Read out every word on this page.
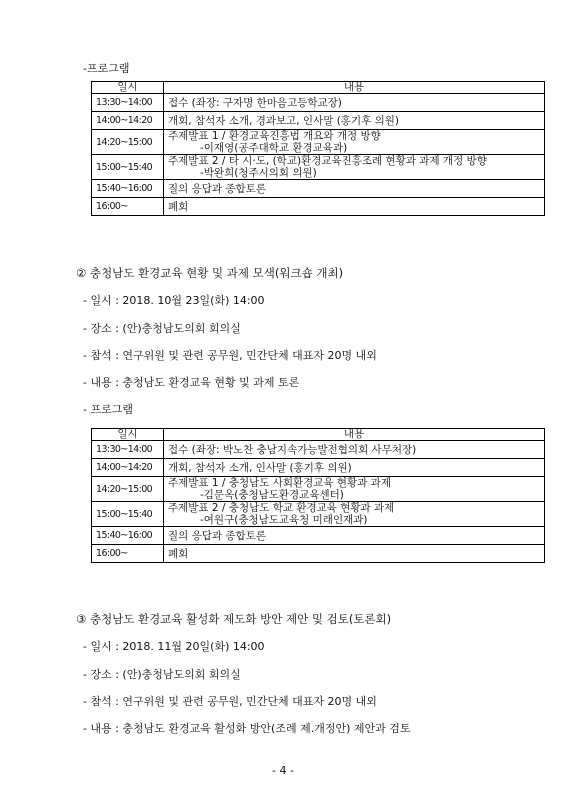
-프로그램
일시	내용
13:30~14:00	접수 (좌장: 구자명 한마음고등학교장)

14:00~14:20	개회, 참석자 소개, 경과보고, 인사말 (홍기후 의원)

14:20~15:00	주제발표 1 / 환경교육진흥법 개요와 개정 방향
-이재영(공주대학교 환경교육과)

15:00~15:40	주제발표 2 / 타 시·도, (학교)환경교육진흥조례 현황과 과제 개정 방향
-박완희(청주시의회 의원)

15:40~16:00	질의 응답과 종합토론

16:00~	폐회
② 충청남도 환경교육 현황 및 과제 모색(워크숍 개최)
- 일시 : 2018. 10월 23일(화) 14:00
- 장소 : (안)충청남도의회 회의실
- 참석 : 연구위원 및 관련 공무원, 민간단체 대표자 20명 내외
- 내용 : 충청남도 환경교육 현황 및 과제 토론
- 프로그램
일시	내용
13:30~14:00	접수 (좌장: 박노찬 충남지속가능발전협의회 사무처장)

14:00~14:20	개회, 참석자 소개, 인사말 (홍기후 의원)

14:20~15:00	주제발표 1 / 충청남도 사회환경교육 현황과 과제
-김문옥(충청남도환경교육센터)

15:00~15:40	주제발표 2 / 충청남도 학교 환경교육 현황과 과제
-여원구(충청남도교육청 미래인재과)

15:40~16:00	질의 응답과 종합토론

16:00~	폐회
③ 충청남도 환경교육 활성화 제도화 방안 제안 및 검토(토론회)
- 일시 : 2018. 11월 20일(화) 14:00
- 장소 : (안)충청남도의회 회의실
- 참석 : 연구위원 및 관련 공무원, 민간단체 대표자 20명 내외
- 내용 : 충청남도 환경교육 활성화 방안(조례 제.개정안) 제안과 검토
- 4 -
